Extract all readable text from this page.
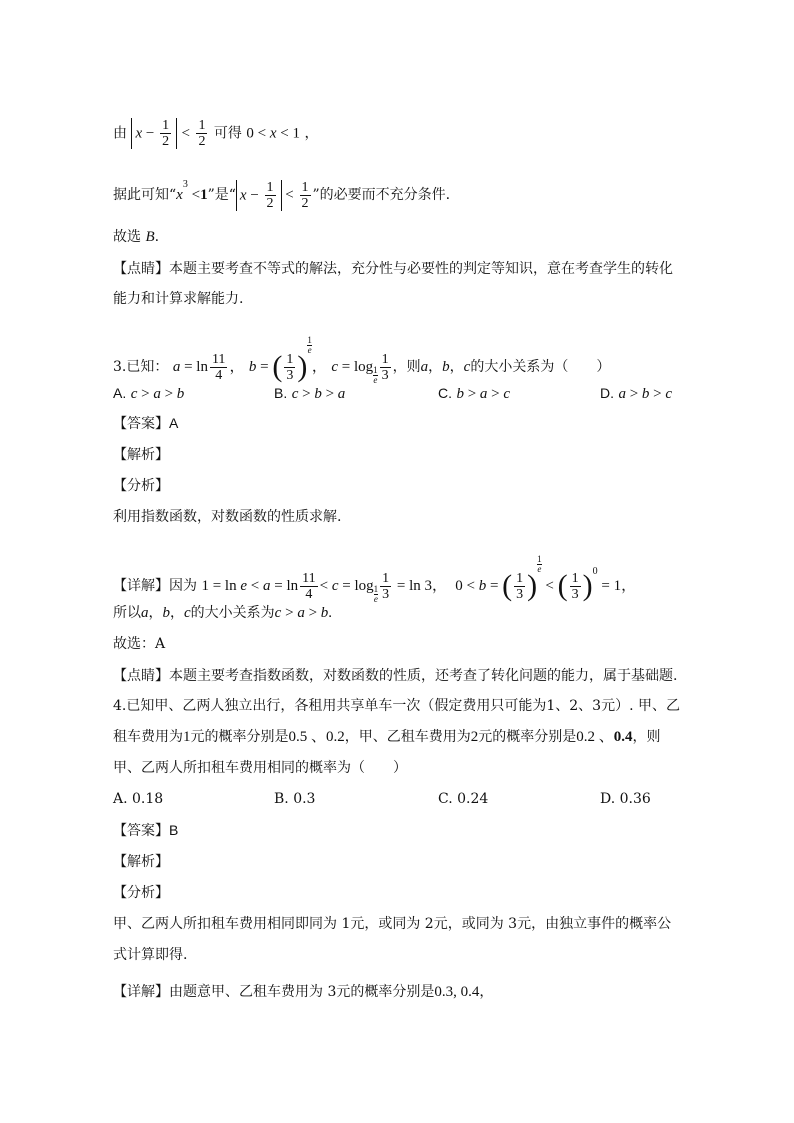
由 $x - \frac{1}{2} < \frac{1}{2}$ 可得 0 < x < 1 ，
据此可知“$x^3 <1$”是“ $x - \frac{1}{2} < \frac{1}{2}$ ”的必要而不充分条件.
故选 B.
【点睛】本题主要考查不等式的解法，充分性与必要性的判定等知识，意在考查学生的转化
能力和计算求解能力.
3.已知： $a = \ln \frac{11}{4}$ ， b = ( $\frac{1}{3}$ )
$\frac{1}{e}$
， $c = \log \frac{1}{e} \frac{1}{3}$ ，则a，b，c的大小关系为（　　）
A. c > a > b	B. c > b > a	C. b > a > c	D. a > b > c
【答案】A
【解析】
【分析】
利用指数函数，对数函数的性质求解.
【详解】因为 $1 = \ln e < a = \ln \frac{11}{4} < c = \log \frac{1}{e} \frac{1}{3} = \ln 3$，  0 < b = ( $\frac{1}{3}$ )
$\frac{1}{e}$
< ( $\frac{1}{3} )^0 = 1$，
所以a，b，c的大小关系为c > a > b.
故选：A
【点睛】本题主要考查指数函数，对数函数的性质，还考查了转化问题的能力，属于基础题.
4.已知甲、乙两人独立出行，各租用共享单车一次（假定费用只可能为1、2、3元）. 甲、乙
租车费用为1元的概率分别是0.5 、0.2，甲、乙租车费用为2元的概率分别是0.2 、0.4，则
甲、乙两人所扣租车费用相同的概率为（　　）
A. 0.18	B. 0.3	C. 0.24	D. 0.36
【答案】B
【解析】
【分析】
甲、乙两人所扣租车费用相同即同为 1元，或同为 2元，或同为 3元，由独立事件的概率公
式计算即得.
【详解】由题意甲、乙租车费用为 3元的概率分别是0.3, 0.4，
